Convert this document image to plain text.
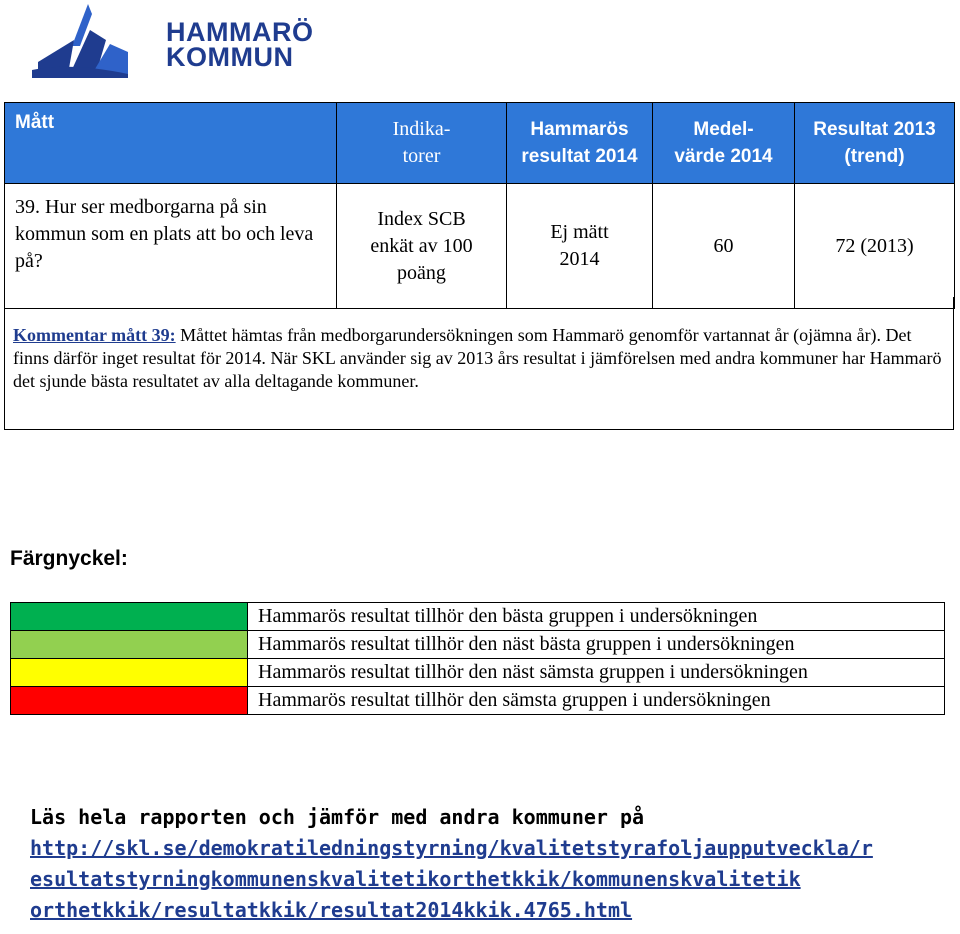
HAMMARÖ
KOMMUN
Mått	Indika- torer	Hammarös resultat 2014	Medel- värde 2014	Resultat 2013 (trend)

39. Hur ser medborgarna på sin kommun som en plats att bo och leva på?	Index SCB enkät av 100 poäng	Ej mätt 2014	60	72 (2013)

Kommentar mått 39: Måttet hämtas från medborgarundersökningen som Hammarö genomför vartannat år (ojämna år). Det finns därför inget resultat för 2014. När SKL använder sig av 2013 års resultat i jämförelsen med andra kommuner har Hammarö det sjunde bästa resultatet av alla deltagande kommuner.

Färgnyckel:
	Hammarös resultat tillhör den bästa gruppen i undersökningen
	Hammarös resultat tillhör den näst bästa gruppen i undersökningen
	Hammarös resultat tillhör den näst sämsta gruppen i undersökningen
	Hammarös resultat tillhör den sämsta gruppen i undersökningen
Läs hela rapporten och jämför med andra kommuner på
http://skl.se/demokratiledningstyrning/kvalitetstyrafoljaupputveckla/r
esultatstyrningkommunenskvalitetikorthetkkik/kommunenskvalitetik
orthetkkik/resultatkkik/resultat2014kkik.4765.html
